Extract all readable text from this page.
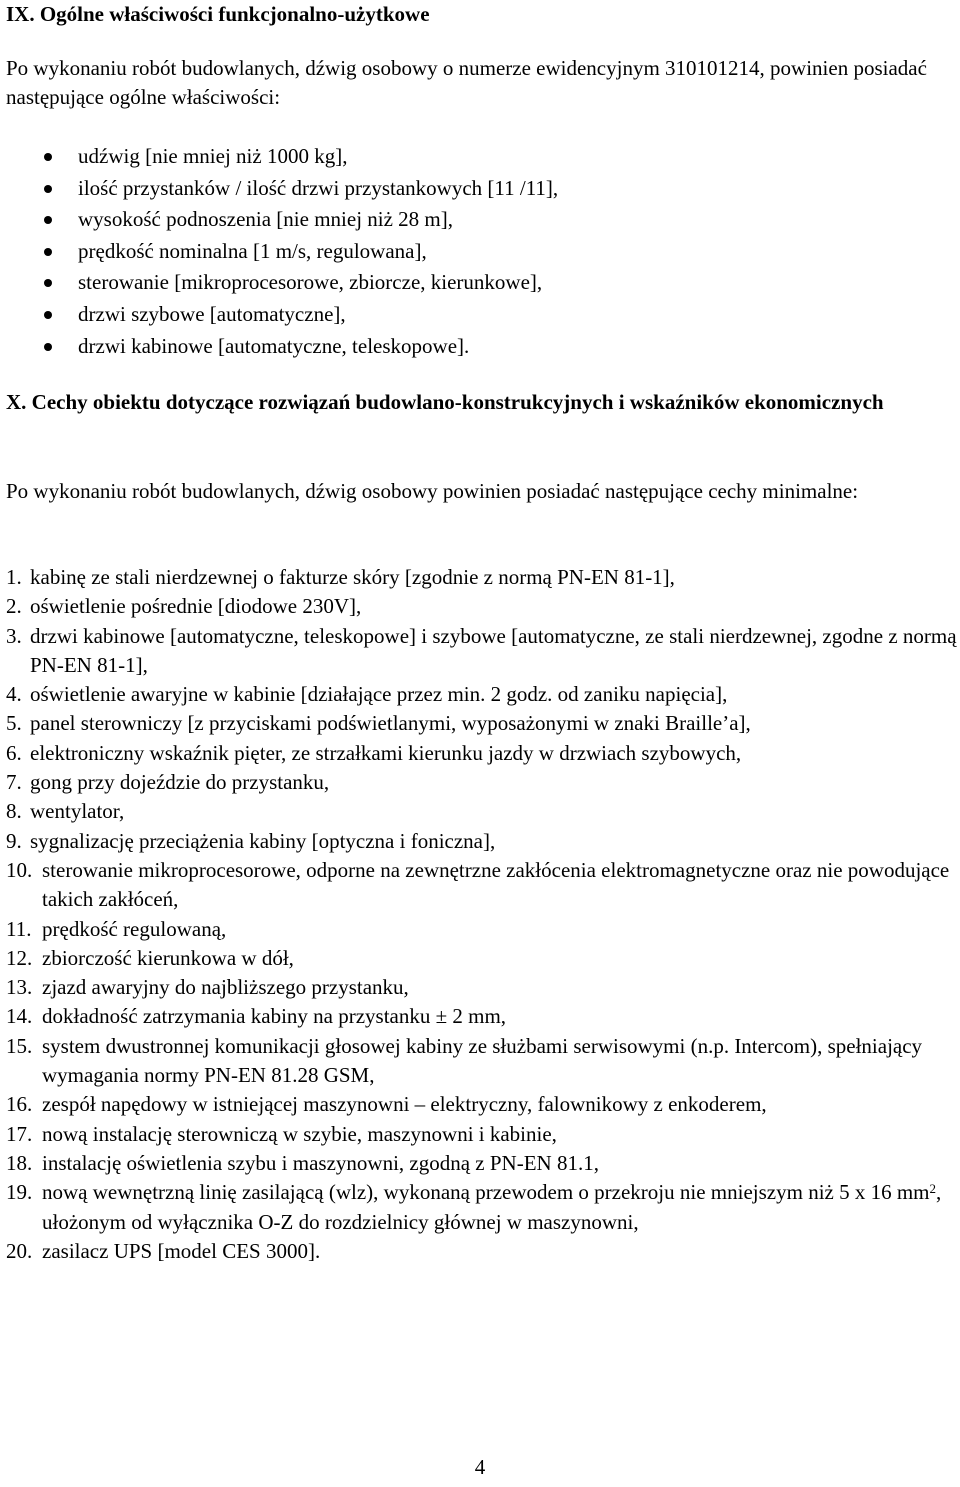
IX. Ogólne właściwości funkcjonalno-użytkowe
Po wykonaniu robót budowlanych, dźwig osobowy o numerze ewidencyjnym 310101214, powinien posiadać następujące ogólne właściwości:
udźwig [nie mniej niż 1000 kg],
ilość przystanków / ilość drzwi przystankowych [11 /11],
wysokość podnoszenia [nie mniej niż 28 m],
prędkość nominalna [1 m/s, regulowana],
sterowanie [mikroprocesorowe, zbiorcze, kierunkowe],
drzwi szybowe [automatyczne],
drzwi kabinowe [automatyczne, teleskopowe].
X. Cechy obiektu dotyczące rozwiązań budowlano-konstrukcyjnych i wskaźników ekonomicznych
Po wykonaniu robót budowlanych, dźwig osobowy powinien posiadać następujące cechy minimalne:
1. kabinę ze stali nierdzewnej o fakturze skóry [zgodnie z normą PN-EN 81-1],
2. oświetlenie pośrednie [diodowe 230V],
3. drzwi kabinowe [automatyczne, teleskopowe] i szybowe [automatyczne, ze stali nierdzewnej, zgodne z normą PN-EN 81-1],
4. oświetlenie awaryjne w kabinie [działające przez min. 2 godz. od zaniku napięcia],
5. panel sterowniczy [z przyciskami podświetlanymi, wyposażonymi w znaki Braille’a],
6. elektroniczny wskaźnik pięter, ze strzałkami kierunku jazdy w drzwiach szybowych,
7. gong przy dojeździe do przystanku,
8. wentylator,
9. sygnalizację przeciążenia kabiny [optyczna i foniczna],
10. sterowanie mikroprocesorowe, odporne na zewnętrzne zakłócenia elektromagnetyczne oraz nie powodujące takich zakłóceń,
11. prędkość regulowaną,
12. zbiorczość kierunkowa w dół,
13. zjazd awaryjny do najbliższego przystanku,
14. dokładność zatrzymania kabiny na przystanku ± 2 mm,
15. system dwustronnej komunikacji głosowej kabiny ze służbami serwisowymi (n.p. Intercom), spełniający wymagania normy PN-EN 81.28 GSM,
16. zespół napędowy w istniejącej maszynowni – elektryczny, falownikowy z enkoderem,
17. nową instalację sterowniczą w szybie, maszynowni i kabinie,
18. instalację oświetlenia szybu i maszynowni, zgodną z PN-EN 81.1,
19. nową wewnętrzną linię zasilającą (wlz), wykonaną przewodem o przekroju nie mniejszym niż 5 x 16 $mm^2$, ułożonym od wyłącznika O-Z do rozdzielnicy głównej w maszynowni,
20. zasilacz UPS [model CES 3000].
4
